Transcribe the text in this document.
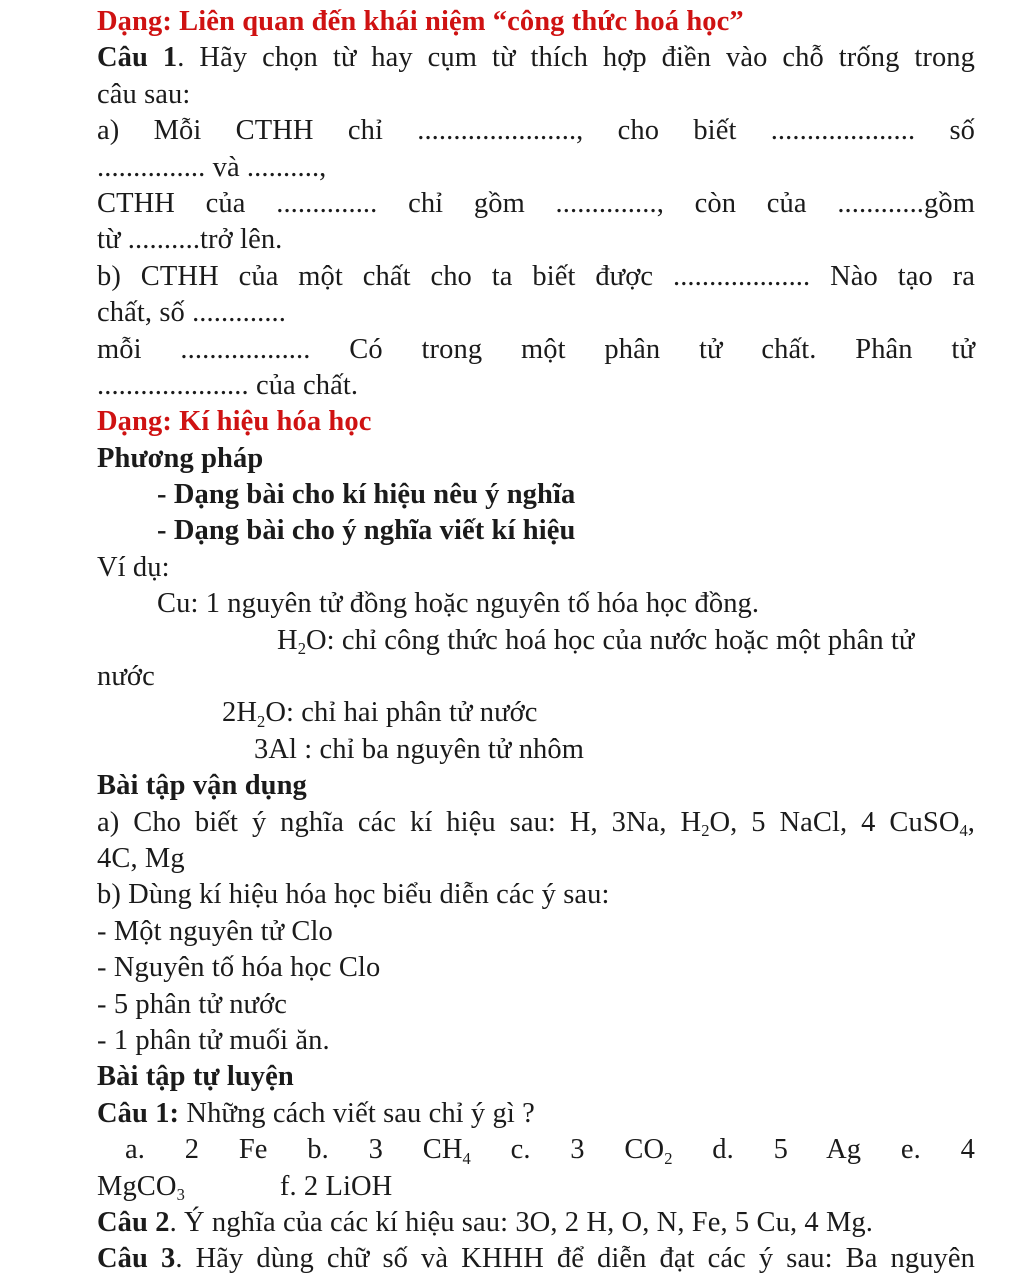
Dạng: Liên quan đến khái niệm “công thức hoá học”
Câu 1. Hãy chọn từ hay cụm từ thích hợp điền vào chỗ trống trong
câu sau:
a) Mỗi CTHH chỉ ......................, cho biết .................... số
............... và ..........,
CTHH của .............. chỉ gồm .............., còn của ............gồm
từ ..........trở lên.
b) CTHH của một chất cho ta biết được ................... Nào tạo ra
chất, số .............
mỗi .................. Có trong một phân tử chất. Phân tử
..................... của chất.
Dạng: Kí hiệu hóa học
Phương pháp
- Dạng bài cho kí hiệu nêu ý nghĩa
- Dạng bài cho ý nghĩa viết kí hiệu
Ví dụ:
Cu: 1 nguyên tử đồng hoặc nguyên tố hóa học đồng.
H2O: chỉ công thức hoá học của nước hoặc một phân tử
nước
2H2O: chỉ hai phân tử nước
3Al : chỉ ba nguyên tử nhôm
Bài tập vận dụng
a) Cho biết ý nghĩa các kí hiệu sau: H, 3Na, H2O, 5 NaCl, 4 CuSO4,
4C, Mg
b) Dùng kí hiệu hóa học biểu diễn các ý sau:
- Một nguyên tử Clo
- Nguyên tố hóa học Clo
- 5 phân tử nước
- 1 phân tử muối ăn.
Bài tập tự luyện
Câu 1: Những cách viết sau chỉ ý gì ?
a. 2 Fe b. 3 CH4 c. 3 CO2 d. 5 Ag e. 4
MgCO3	f. 2 LiOH
Câu 2. Ý nghĩa của các kí hiệu sau: 3O, 2 H, O, N, Fe, 5 Cu, 4 Mg.
Câu 3. Hãy dùng chữ số và KHHH để diễn đạt các ý sau: Ba nguyên
